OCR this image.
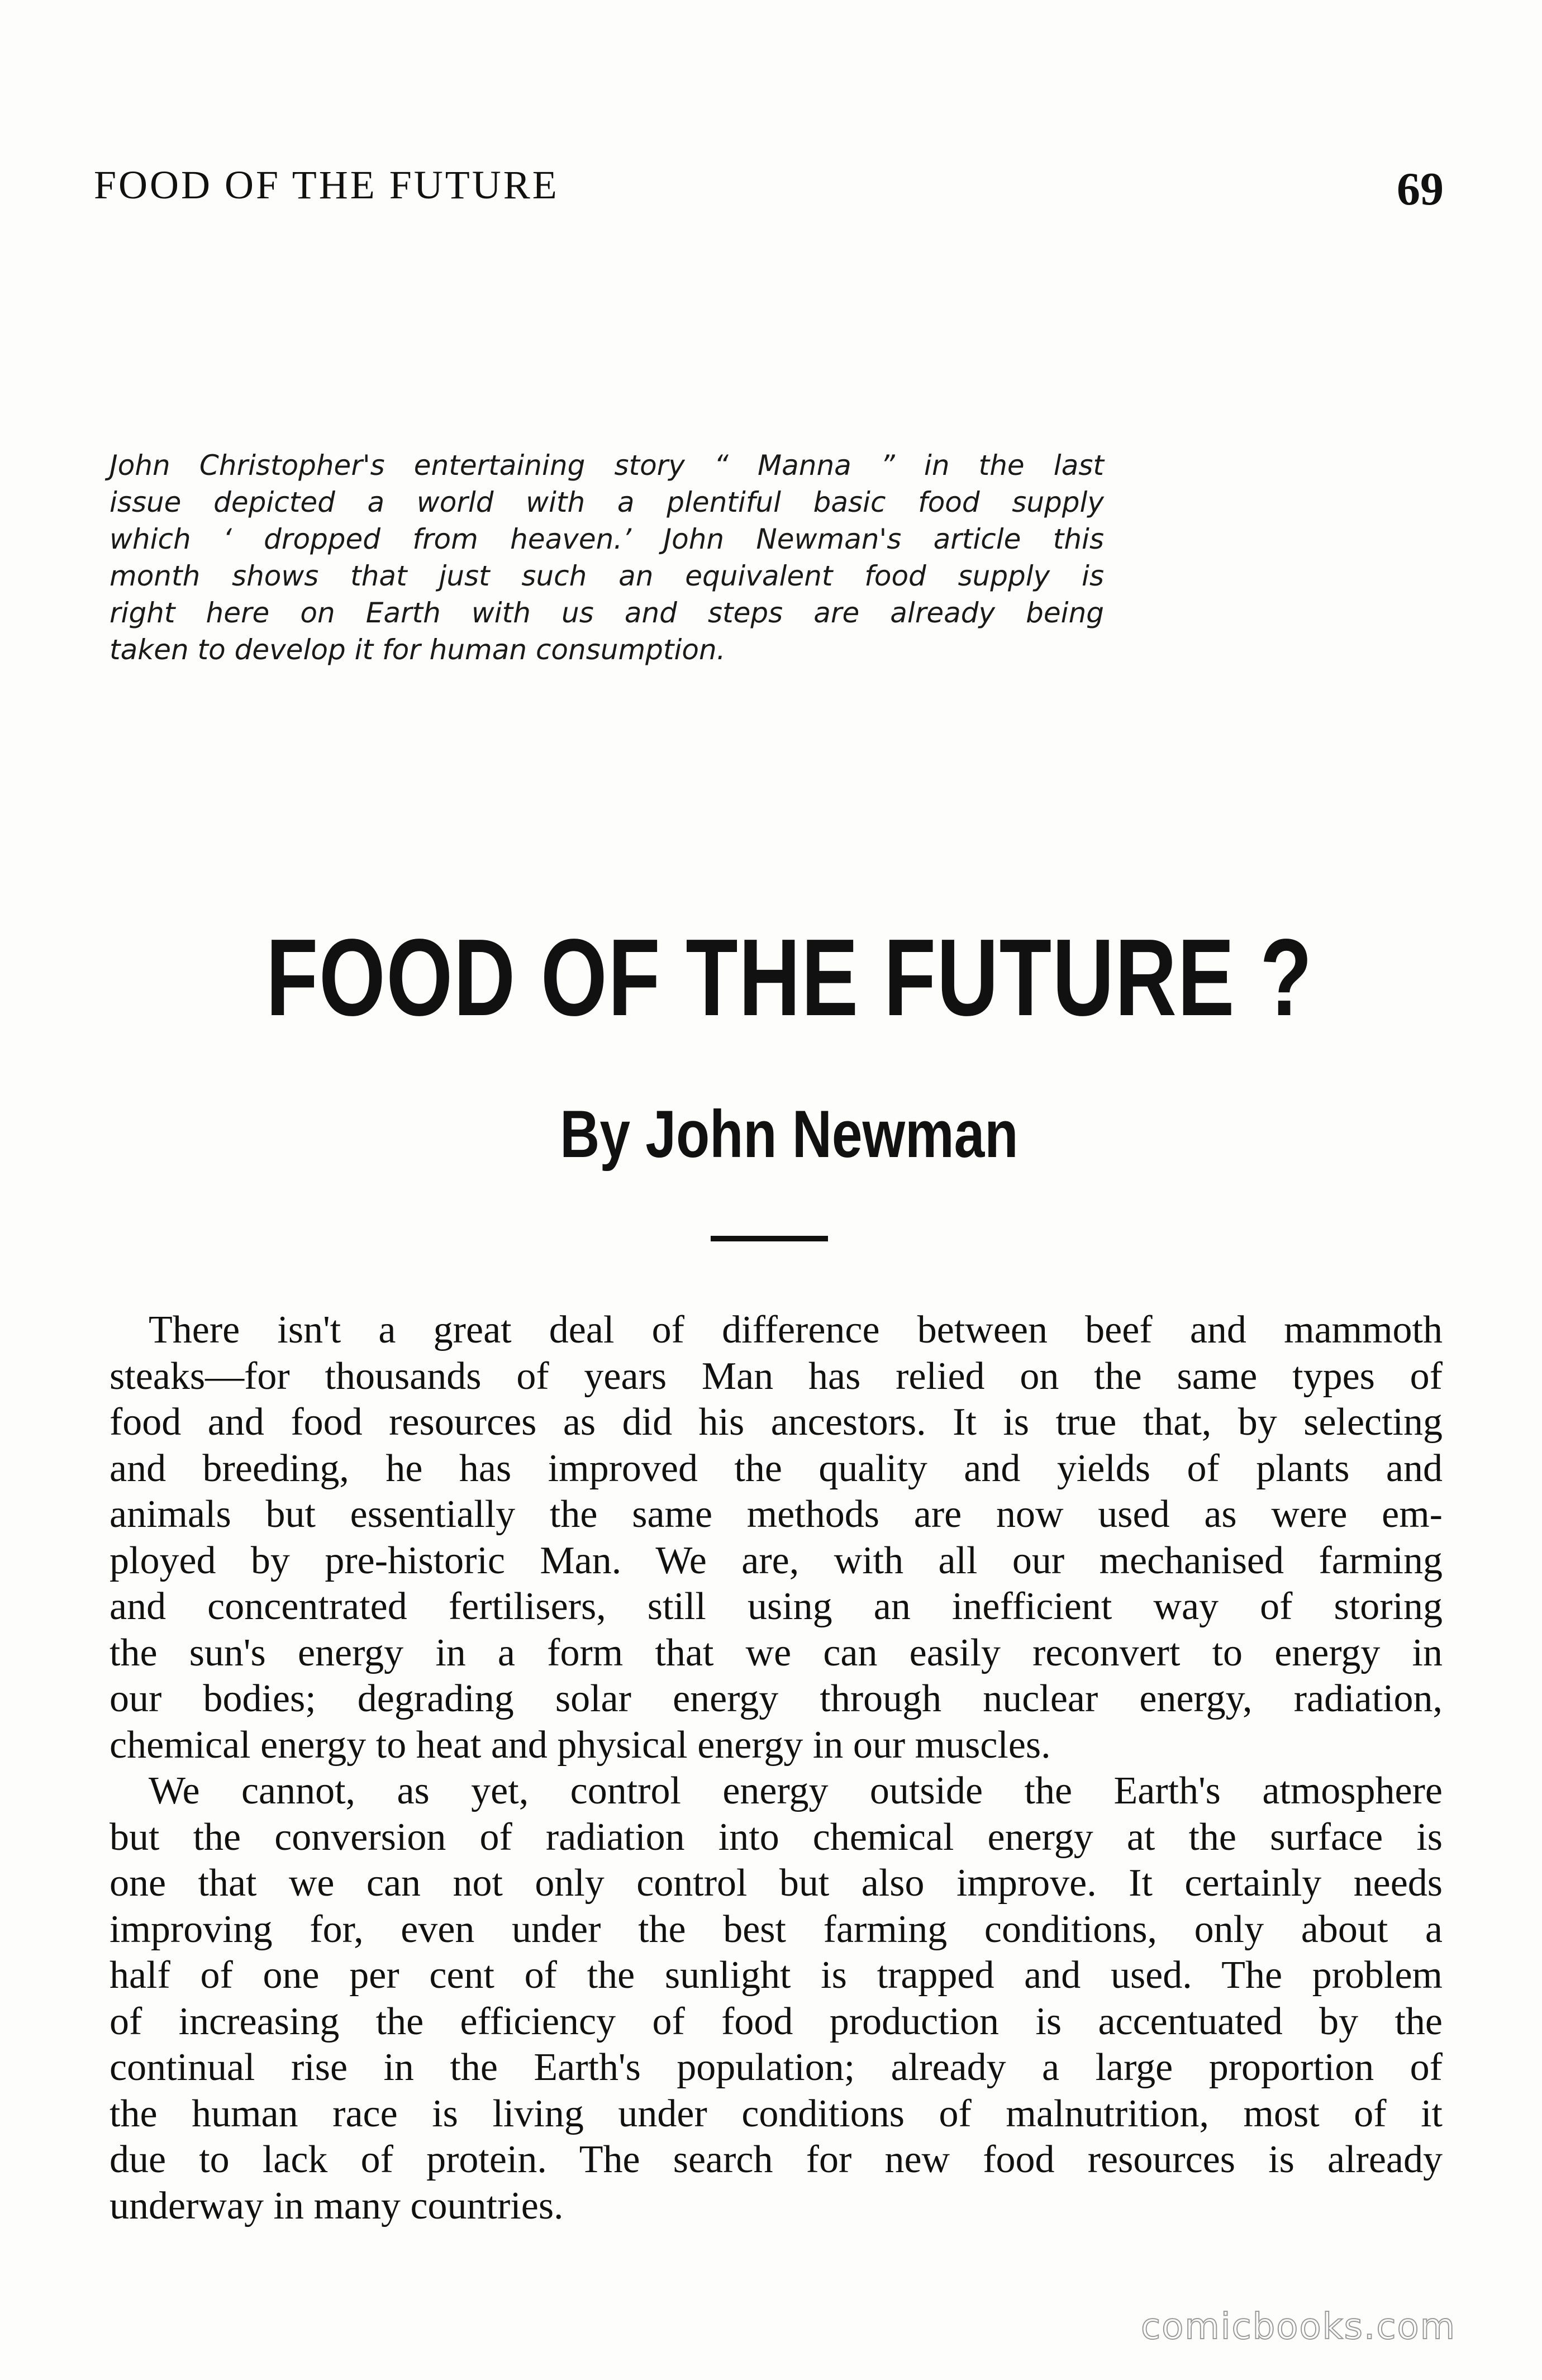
FOOD OF THE FUTURE	69
John Christopher's entertaining story “ Manna ” in the last
issue depicted a world with a plentiful basic food supply
which ‘ dropped from heaven.’ John Newman's article this
month shows that just such an equivalent food supply is
right here on Earth with us and steps are already being
taken to develop it for human consumption.
FOOD OF THE FUTURE ?
By John Newman
There isn't a great deal of difference between beef and mammoth
steaks—for thousands of years Man has relied on the same types of
food and food resources as did his ancestors. It is true that, by selecting
and breeding, he has improved the quality and yields of plants and
animals but essentially the same methods are now used as were em-
ployed by pre-historic Man. We are, with all our mechanised farming
and concentrated fertilisers, still using an inefficient way of storing
the sun's energy in a form that we can easily reconvert to energy in
our bodies; degrading solar energy through nuclear energy, radiation,
chemical energy to heat and physical energy in our muscles.
We cannot, as yet, control energy outside the Earth's atmosphere
but the conversion of radiation into chemical energy at the surface is
one that we can not only control but also improve. It certainly needs
improving for, even under the best farming conditions, only about a
half of one per cent of the sunlight is trapped and used. The problem
of increasing the efficiency of food production is accentuated by the
continual rise in the Earth's population; already a large proportion of
the human race is living under conditions of malnutrition, most of it
due to lack of protein. The search for new food resources is already
underway in many countries.
comicbooks.com
